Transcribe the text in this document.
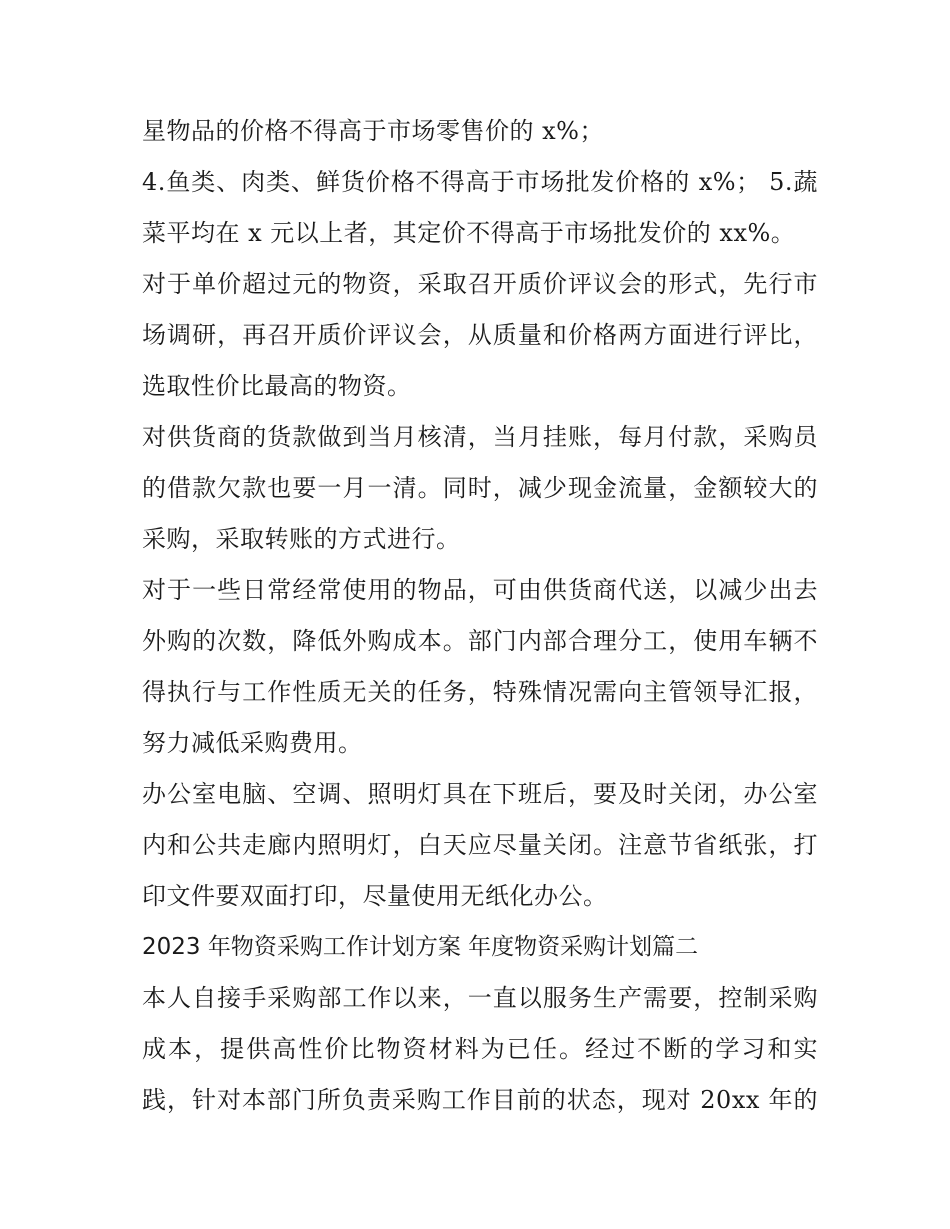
星物品的价格不得高于市场零售价的 x%；
4.鱼类、肉类、鲜货价格不得高于市场批发价格的 x%； 5.蔬
菜平均在 x 元以上者，其定价不得高于市场批发价的 xx%。
对于单价超过元的物资，采取召开质价评议会的形式，先行市
场调研，再召开质价评议会，从质量和价格两方面进行评比，
选取性价比最高的物资。
对供货商的货款做到当月核清，当月挂账，每月付款，采购员
的借款欠款也要一月一清。同时，减少现金流量，金额较大的
采购，采取转账的方式进行。
对于一些日常经常使用的物品，可由供货商代送，以减少出去
外购的次数，降低外购成本。部门内部合理分工，使用车辆不
得执行与工作性质无关的任务，特殊情况需向主管领导汇报，
努力减低采购费用。
办公室电脑、空调、照明灯具在下班后，要及时关闭，办公室
内和公共走廊内照明灯，白天应尽量关闭。注意节省纸张，打
印文件要双面打印，尽量使用无纸化办公。
2023 年物资采购工作计划方案 年度物资采购计划篇二
本人自接手采购部工作以来，一直以服务生产需要，控制采购
成本，提供高性价比物资材料为已任。经过不断的学习和实
践，针对本部门所负责采购工作目前的状态，现对 20xx 年的
